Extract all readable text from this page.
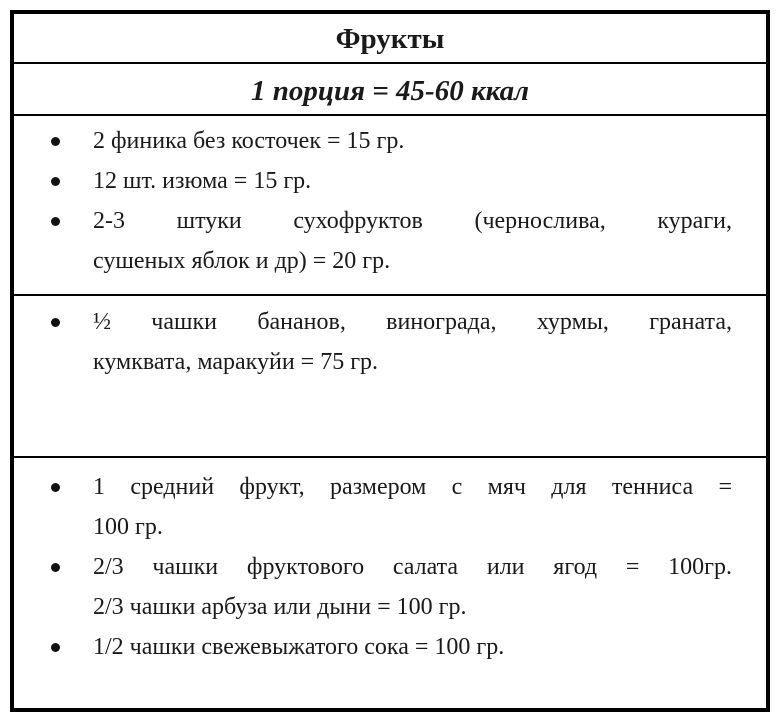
Фрукты
1 порция = 45-60 ккал
2 финика без косточек = 15 гр.
12 шт. изюма = 15 гр.
2-3 штуки сухофруктов (чернослива, кураги,
сушеных яблок и др) = 20 гр.
½ чашки бананов, винограда, хурмы, граната,
кумквата, маракуйи = 75 гр.
1 средний фрукт, размером с мяч для тенниса =
100 гр.
2/3 чашки фруктового салата или ягод = 100гр.
2/3 чашки арбуза или дыни = 100 гр.
1/2 чашки свежевыжатого сока = 100 гр.
